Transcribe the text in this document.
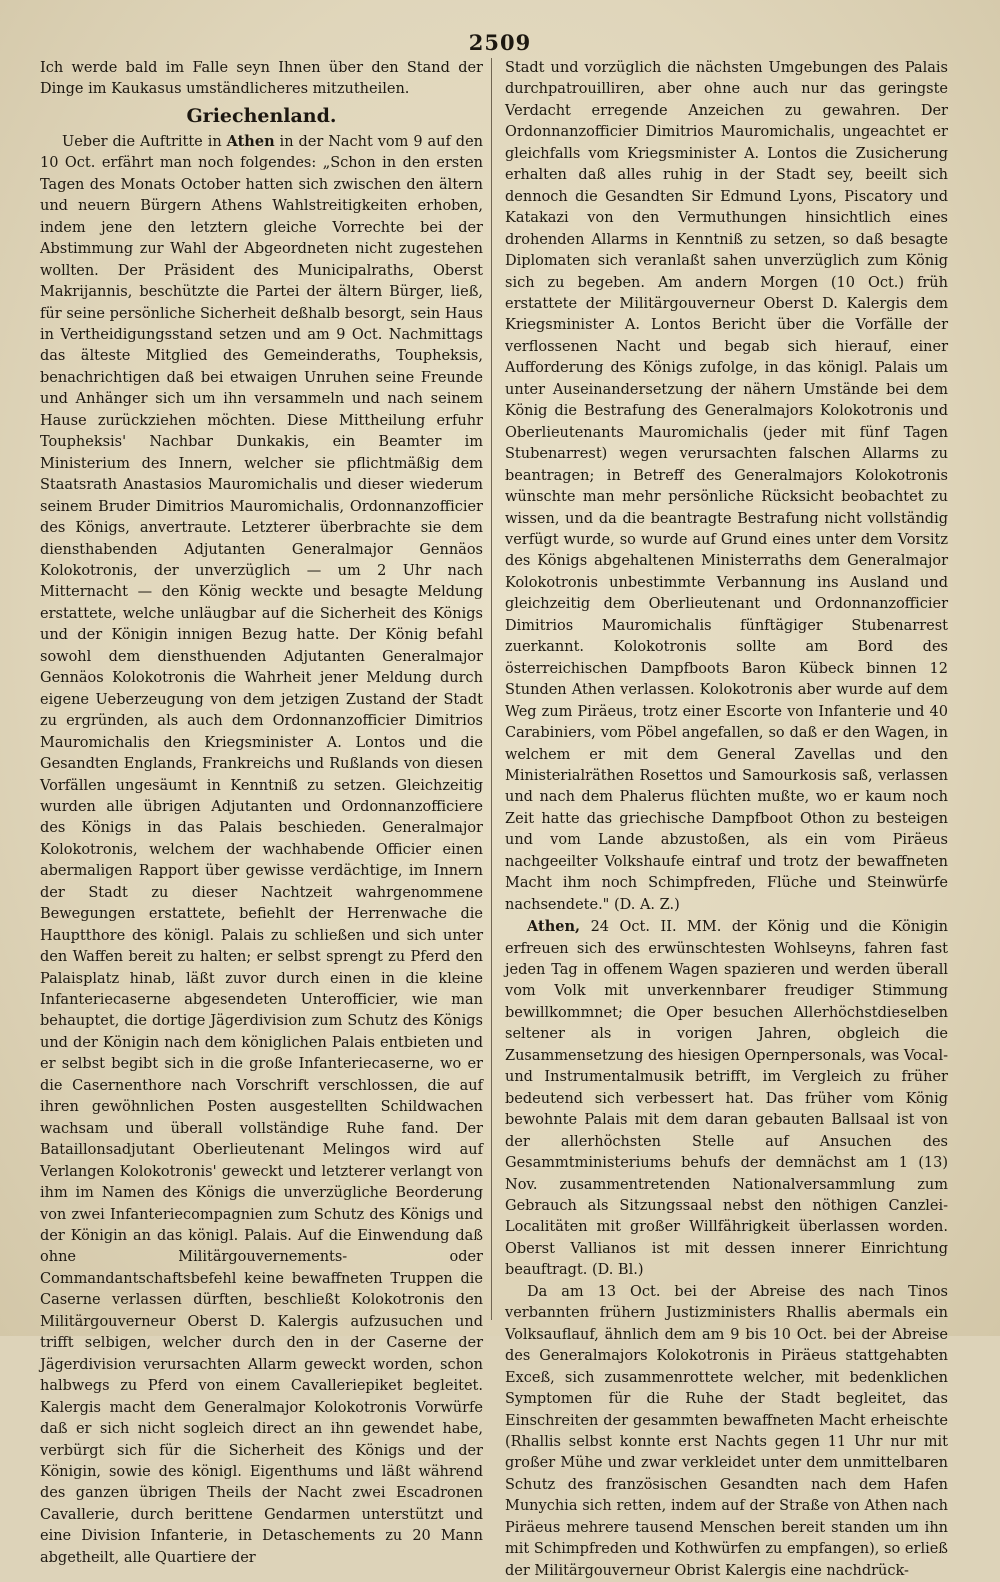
2509

Ich werde bald im Falle seyn Ihnen über den Stand der Dinge im Kaukasus umständlicheres mitzutheilen.

Griechenland.

Ueber die Auftritte in Athen in der Nacht vom 9 auf den 10 Oct. erfährt man noch folgendes: „Schon in den ersten Tagen des Monats October hatten sich zwischen den ältern und neuern Bürgern Athens Wahlstreitigkeiten erhoben, indem jene den letztern gleiche Vorrechte bei der Abstimmung zur Wahl der Abgeordneten nicht zugestehen wollten. Der Präsident des Municipalraths, Oberst Makrijannis, beschützte die Partei der ältern Bürger, ließ, für seine persönliche Sicherheit deßhalb besorgt, sein Haus in Vertheidigungsstand setzen und am 9 Oct. Nachmittags das älteste Mitglied des Gemeinderaths, Toupheksis, benachrichtigen daß bei etwaigen Unruhen seine Freunde und Anhänger sich um ihn versammeln und nach seinem Hause zurückziehen möchten. Diese Mittheilung erfuhr Toupheksis' Nachbar Dunkakis, ein Beamter im Ministerium des Innern, welcher sie pflichtmäßig dem Staatsrath Anastasios Mauromichalis und dieser wiederum seinem Bruder Dimitrios Mauromichalis, Ordonnanzofficier des Königs, anvertraute. Letzterer überbrachte sie dem diensthabenden Adjutanten Generalmajor Gennäos Kolokotronis, der unverzüglich — um 2 Uhr nach Mitternacht — den König weckte und besagte Meldung erstattete, welche unläugbar auf die Sicherheit des Königs und der Königin innigen Bezug hatte. Der König befahl sowohl dem diensthuenden Adjutanten Generalmajor Gennäos Kolokotronis die Wahrheit jener Meldung durch eigene Ueberzeugung von dem jetzigen Zustand der Stadt zu ergründen, als auch dem Ordonnanzofficier Dimitrios Mauromichalis den Kriegsminister A. Lontos und die Gesandten Englands, Frankreichs und Rußlands von diesen Vorfällen ungesäumt in Kenntniß zu setzen. Gleichzeitig wurden alle übrigen Adjutanten und Ordonnanzofficiere des Königs in das Palais beschieden. Generalmajor Kolokotronis, welchem der wachhabende Officier einen abermaligen Rapport über gewisse verdächtige, im Innern der Stadt zu dieser Nachtzeit wahrgenommene Bewegungen erstattete, befiehlt der Herrenwache die Hauptthore des königl. Palais zu schließen und sich unter den Waffen bereit zu halten; er selbst sprengt zu Pferd den Palaisplatz hinab, läßt zuvor durch einen in die kleine Infanteriecaserne abgesendeten Unterofficier, wie man behauptet, die dortige Jägerdivision zum Schutz des Königs und der Königin nach dem königlichen Palais entbieten und er selbst begibt sich in die große Infanteriecaserne, wo er die Casernenthore nach Vorschrift verschlossen, die auf ihren gewöhnlichen Posten ausgestellten Schildwachen wachsam und überall vollständige Ruhe fand. Der Bataillonsadjutant Oberlieutenant Melingos wird auf Verlangen Kolokotronis' geweckt und letzterer verlangt von ihm im Namen des Königs die unverzügliche Beorderung von zwei Infanteriecompagnien zum Schutz des Königs und der Königin an das königl. Palais. Auf die Einwendung daß ohne Militärgouvernements- oder Commandantschaftsbefehl keine bewaffneten Truppen die Caserne verlassen dürften, beschließt Kolokotronis den Militärgouverneur Oberst D. Kalergis aufzusuchen und trifft selbigen, welcher durch den in der Caserne der Jägerdivision verursachten Allarm geweckt worden, schon halbwegs zu Pferd von einem Cavalleriepiket begleitet. Kalergis macht dem Generalmajor Kolokotronis Vorwürfe daß er sich nicht sogleich direct an ihn gewendet habe, verbürgt sich für die Sicherheit des Königs und der Königin, sowie des königl. Eigenthums und läßt während des ganzen übrigen Theils der Nacht zwei Escadronen Cavallerie, durch berittene Gendarmen unterstützt und eine Division Infanterie, in Detaschements zu 20 Mann abgetheilt, alle Quartiere der

Stadt und vorzüglich die nächsten Umgebungen des Palais durchpatrouilliren, aber ohne auch nur das geringste Verdacht erregende Anzeichen zu gewahren. Der Ordonnanzofficier Dimitrios Mauromichalis, ungeachtet er gleichfalls vom Kriegsminister A. Lontos die Zusicherung erhalten daß alles ruhig in der Stadt sey, beeilt sich dennoch die Gesandten Sir Edmund Lyons, Piscatory und Katakazi von den Vermuthungen hinsichtlich eines drohenden Allarms in Kenntniß zu setzen, so daß besagte Diplomaten sich veranlaßt sahen unverzüglich zum König sich zu begeben. Am andern Morgen (10 Oct.) früh erstattete der Militärgouverneur Oberst D. Kalergis dem Kriegsminister A. Lontos Bericht über die Vorfälle der verflossenen Nacht und begab sich hierauf, einer Aufforderung des Königs zufolge, in das königl. Palais um unter Auseinandersetzung der nähern Umstände bei dem König die Bestrafung des Generalmajors Kolokotronis und Oberlieutenants Mauromichalis (jeder mit fünf Tagen Stubenarrest) wegen verursachten falschen Allarms zu beantragen; in Betreff des Generalmajors Kolokotronis wünschte man mehr persönliche Rücksicht beobachtet zu wissen, und da die beantragte Bestrafung nicht vollständig verfügt wurde, so wurde auf Grund eines unter dem Vorsitz des Königs abgehaltenen Ministerraths dem Generalmajor Kolokotronis unbestimmte Verbannung ins Ausland und gleichzeitig dem Oberlieutenant und Ordonnanzofficier Dimitrios Mauromichalis fünftägiger Stubenarrest zuerkannt. Kolokotronis sollte am Bord des österreichischen Dampfboots Baron Kübeck binnen 12 Stunden Athen verlassen. Kolokotronis aber wurde auf dem Weg zum Piräeus, trotz einer Escorte von Infanterie und 40 Carabiniers, vom Pöbel angefallen, so daß er den Wagen, in welchem er mit dem General Zavellas und den Ministerialräthen Rosettos und Samourkosis saß, verlassen und nach dem Phalerus flüchten mußte, wo er kaum noch Zeit hatte das griechische Dampfboot Othon zu besteigen und vom Lande abzustoßen, als ein vom Piräeus nachgeeilter Volkshaufe eintraf und trotz der bewaffneten Macht ihm noch Schimpfreden, Flüche und Steinwürfe nachsendete." (D. A. Z.)

Athen, 24 Oct. II. MM. der König und die Königin erfreuen sich des erwünschtesten Wohlseyns, fahren fast jeden Tag in offenem Wagen spazieren und werden überall vom Volk mit unverkennbarer freudiger Stimmung bewillkommnet; die Oper besuchen Allerhöchstdieselben seltener als in vorigen Jahren, obgleich die Zusammensetzung des hiesigen Opernpersonals, was Vocal- und Instrumentalmusik betrifft, im Vergleich zu früher bedeutend sich verbessert hat. Das früher vom König bewohnte Palais mit dem daran gebauten Ballsaal ist von der allerhöchsten Stelle auf Ansuchen des Gesammtministeriums behufs der demnächst am 1 (13) Nov. zusammentretenden Nationalversammlung zum Gebrauch als Sitzungssaal nebst den nöthigen Canzlei-Localitäten mit großer Willfährigkeit überlassen worden. Oberst Vallianos ist mit dessen innerer Einrichtung beauftragt. (D. Bl.)

Da am 13 Oct. bei der Abreise des nach Tinos verbannten frühern Justizministers Rhallis abermals ein Volksauflauf, ähnlich dem am 9 bis 10 Oct. bei der Abreise des Generalmajors Kolokotronis in Piräeus stattgehabten Exceß, sich zusammenrottete welcher, mit bedenklichen Symptomen für die Ruhe der Stadt begleitet, das Einschreiten der gesammten bewaffneten Macht erheischte (Rhallis selbst konnte erst Nachts gegen 11 Uhr nur mit großer Mühe und zwar verkleidet unter dem unmittelbaren Schutz des französischen Gesandten nach dem Hafen Munychia sich retten, indem auf der Straße von Athen nach Piräeus mehrere tausend Menschen bereit standen um ihn mit Schimpfreden und Kothwürfen zu empfangen), so erließ der Militärgouverneur Obrist Kalergis eine nachdrück-
